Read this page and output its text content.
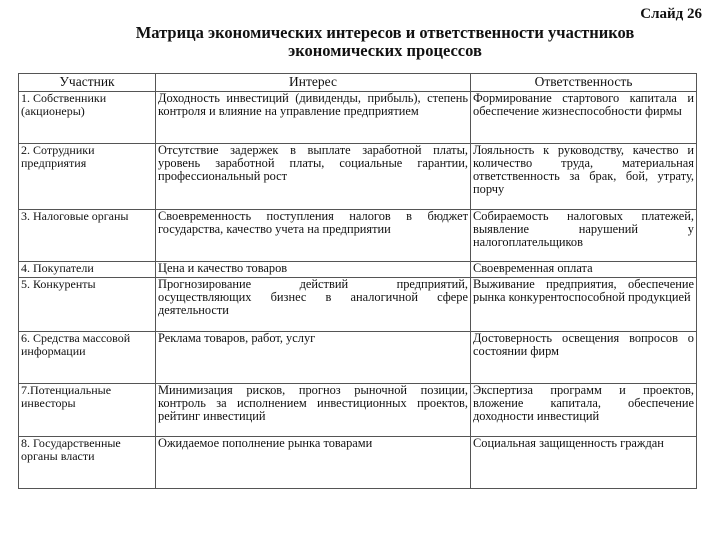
Слайд 26
Матрица экономических интересов и ответственности участников
экономических процессов
Участник	Интерес	Ответственность
1. Собственники (акционеры)	Доходность инвестиций (дивиденды, прибыль), степень контроля и влияние на управление предприятием	Формирование стартового капитала и обеспечение жизнеспособности фирмы
2. Сотрудники предприятия	Отсутствие задержек в выплате заработной платы, уровень заработной платы, социальные гарантии, профессиональный рост	Лояльность к руководству, качество и количество труда, материальная ответственность за брак, бой, утрату, порчу
3. Налоговые органы	Своевременность поступления налогов в бюджет государства, качество учета на предприятии	Собираемость налоговых платежей, выявление нарушений у налогоплательщиков
4. Покупатели	Цена и качество товаров	Своевременная оплата
5. Конкуренты	Прогнозирование действий предприятий, осуществляющих бизнес в аналогичной сфере деятельности	Выживание предприятия, обеспечение рынка конкурентоспособной продукцией
6. Средства массовой информации	Реклама товаров, работ, услуг	Достоверность освещения вопросов о состоянии фирм
7.Потенциальные инвесторы	Минимизация рисков, прогноз рыночной позиции, контроль за исполнением инвестиционных проектов, рейтинг инвестиций	Экспертиза программ и проектов, вложение капитала, обеспечение доходности инвестиций
8. Государственные органы власти	Ожидаемое пополнение рынка товарами	Социальная защищенность граждан
